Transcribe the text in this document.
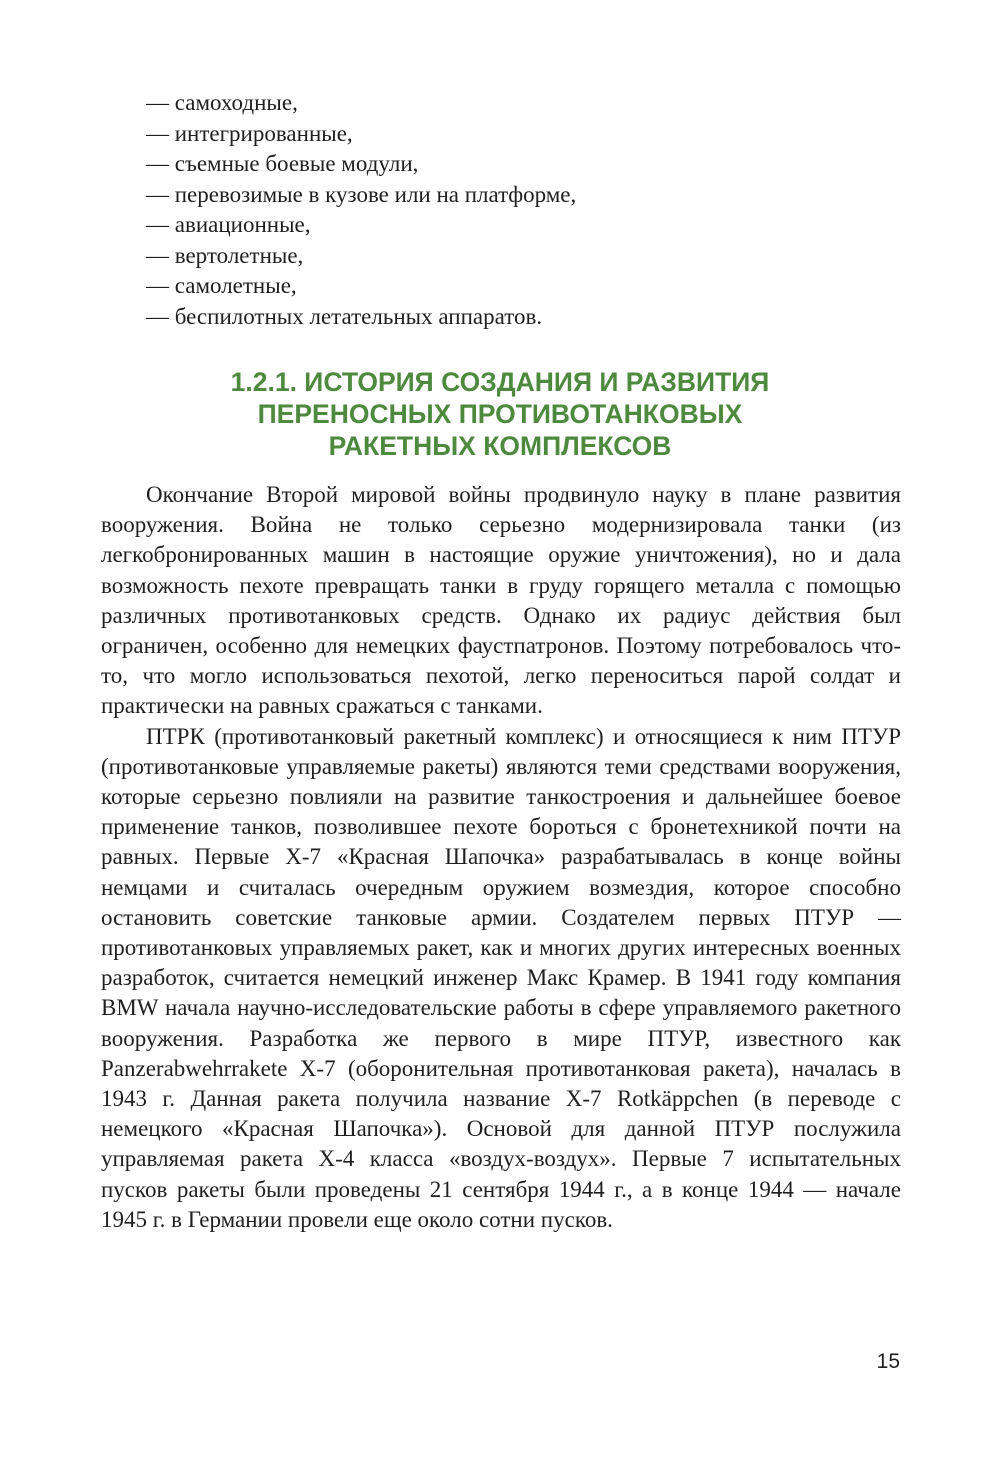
— самоходные,
— интегрированные,
— съемные боевые модули,
— перевозимые в кузове или на платформе,
— авиационные,
— вертолетные,
— самолетные,
— беспилотных летательных аппаратов.
1.2.1. ИСТОРИЯ СОЗДАНИЯ И РАЗВИТИЯ
ПЕРЕНОСНЫХ ПРОТИВОТАНКОВЫХ
РАКЕТНЫХ КОМПЛЕКСОВ

Окончание Второй мировой войны продвинуло науку в плане развития вооружения. Война не только серьезно модернизировала танки (из легкобронированных машин в настоящие оружие уничтожения), но и дала возможность пехоте превращать танки в груду горящего металла с помощью различных противотанковых средств. Однако их радиус действия был ограничен, особенно для немецких фаустпатронов. Поэтому потребовалось что-то, что могло использоваться пехотой, легко переноситься парой солдат и практически на равных сражаться с танками.

ПТРК (противотанковый ракетный комплекс) и относящиеся к ним ПТУР (противотанковые управляемые ракеты) являются теми средствами вооружения, которые серьезно повлияли на развитие танкостроения и дальнейшее боевое применение танков, позволившее пехоте бороться с бронетехникой почти на равных. Первые Х-7 «Красная Шапочка» разрабатывалась в конце войны немцами и считалась очередным оружием возмездия, которое способно остановить советские танковые армии. Создателем первых ПТУР — противотанковых управляемых ракет, как и многих других интересных военных разработок, считается немецкий инженер Макс Крамер. В 1941 году компания BMW начала научно-исследовательские работы в сфере управляемого ракетного вооружения. Разработка же первого в мире ПТУР, известного как Panzerabwehrrakete X-7 (оборонительная противотанковая ракета), началась в 1943 г. Данная ракета получила название Х-7 Rotkäppchen (в переводе с немецкого «Красная Шапочка»). Основой для данной ПТУР послужила управляемая ракета Х-4 класса «воздух-воздух». Первые 7 испытательных пусков ракеты были проведены 21 сентября 1944 г., а в конце 1944 — начале 1945 г. в Германии провели еще около сотни пусков.

15
